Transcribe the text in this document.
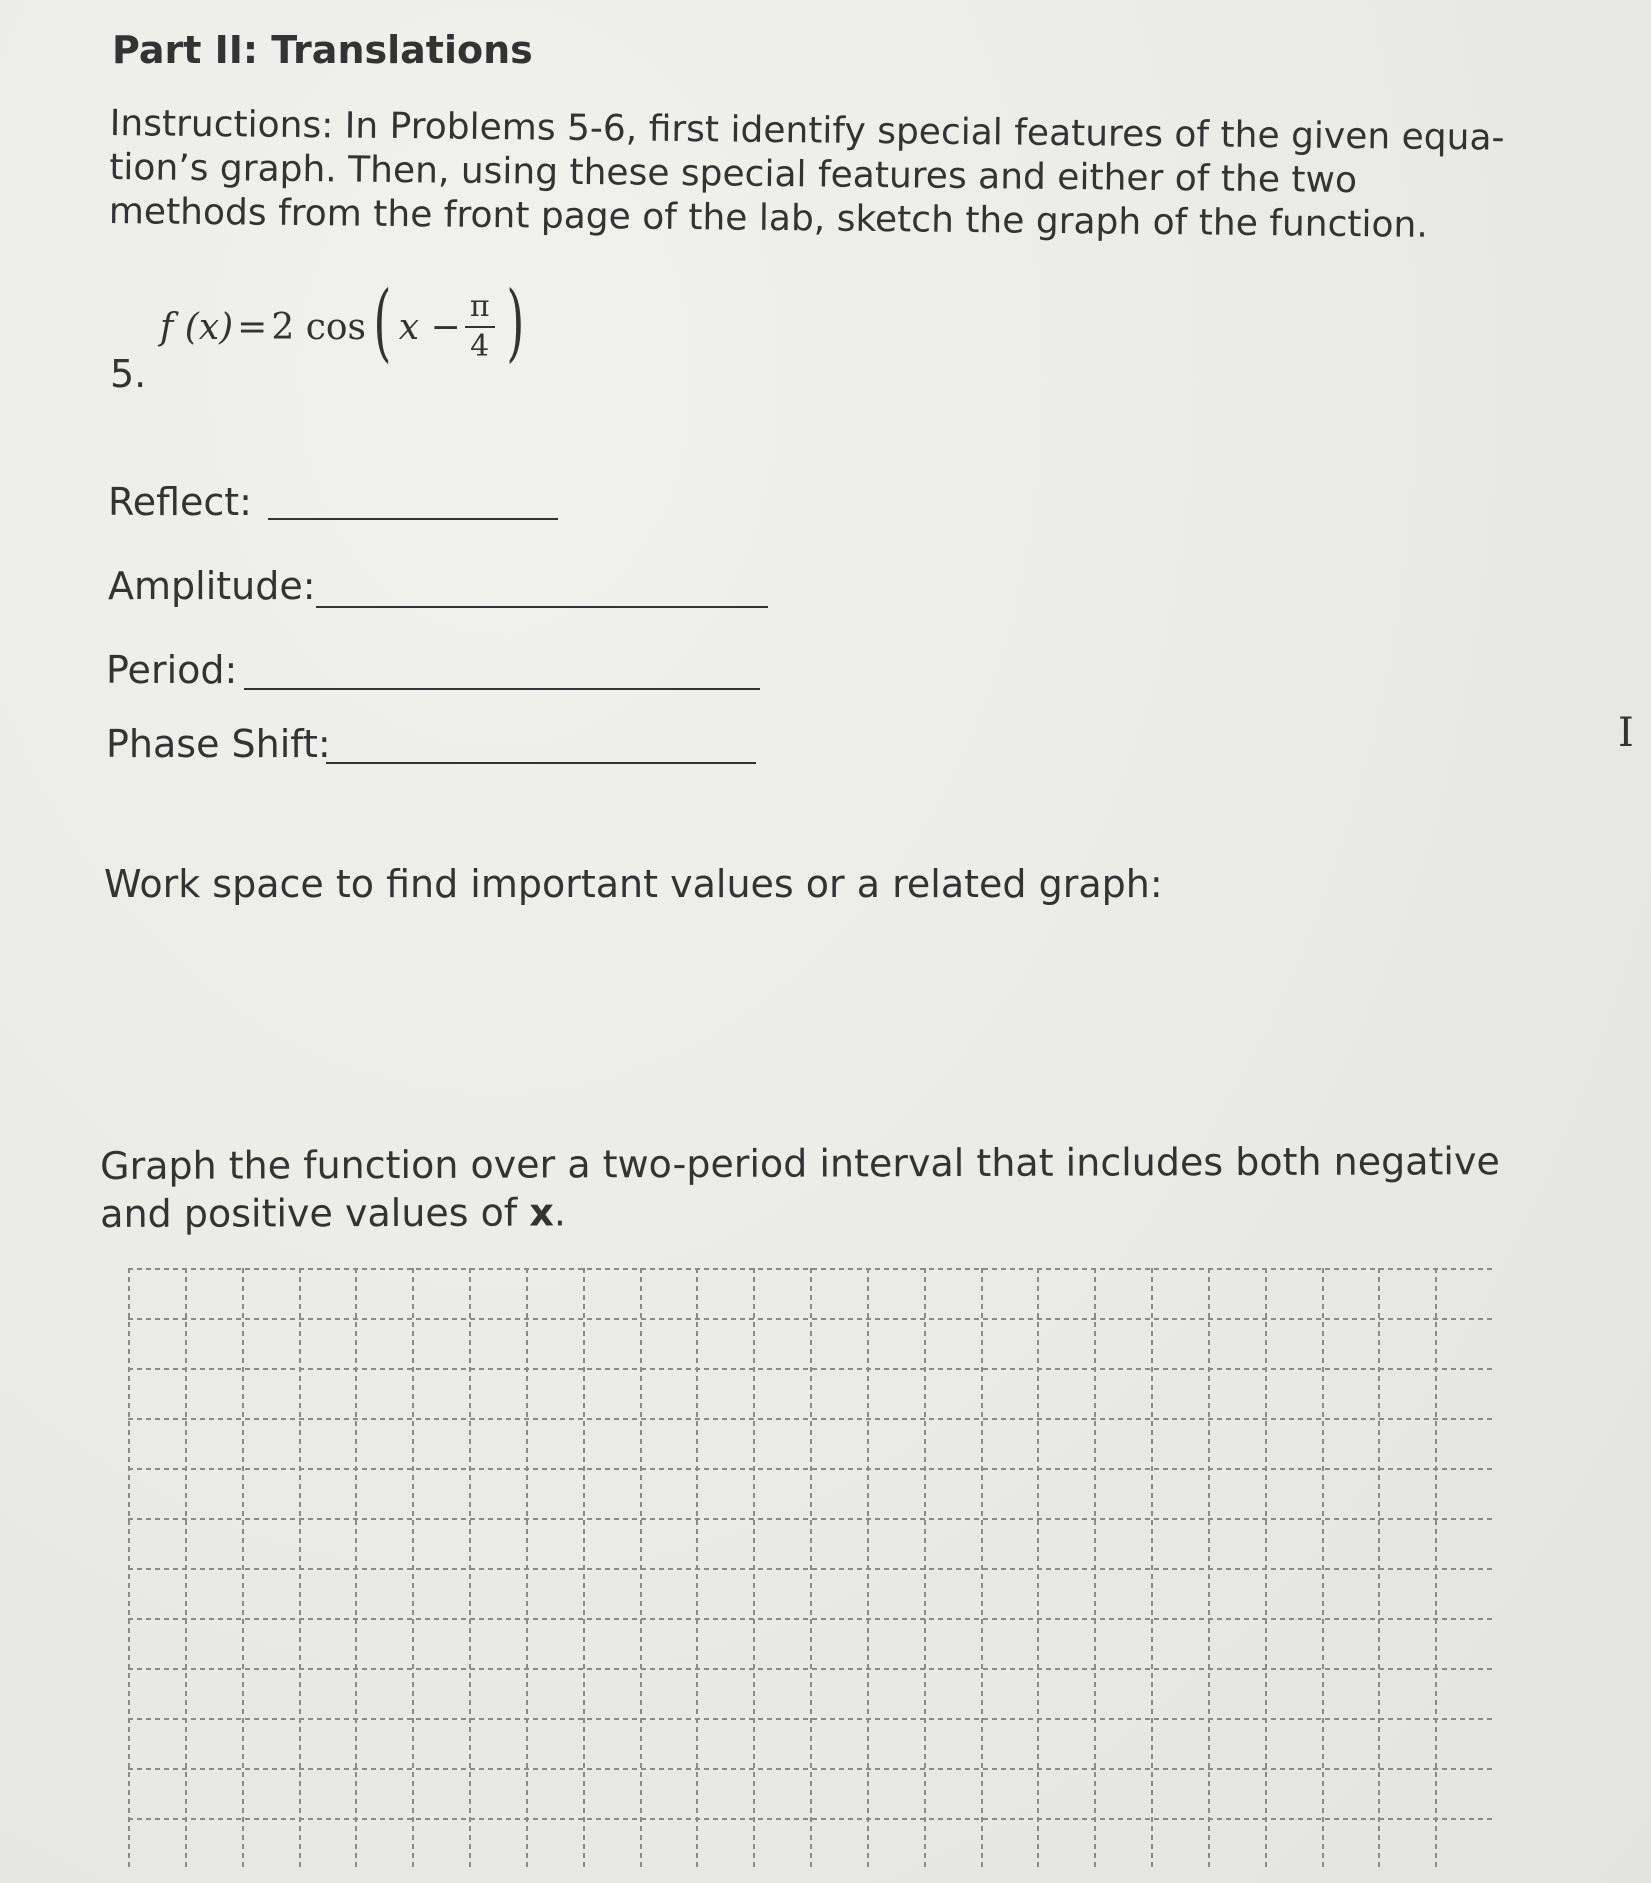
Part II: Translations
Instructions: In Problems 5-6, first identify special features of the given equa-tion’s graph. Then, using these special features and either of the two methods from the front page of the lab, sketch the graph of the function.
5.
f (x) = 2 cos ( $x - \frac{\pi}{4}$ )
Reflect:
Amplitude:
Period:
Phase Shift:	I
Work space to find important values or a related graph:
Graph the function over a two-period interval that includes both negative and positive values of x.
